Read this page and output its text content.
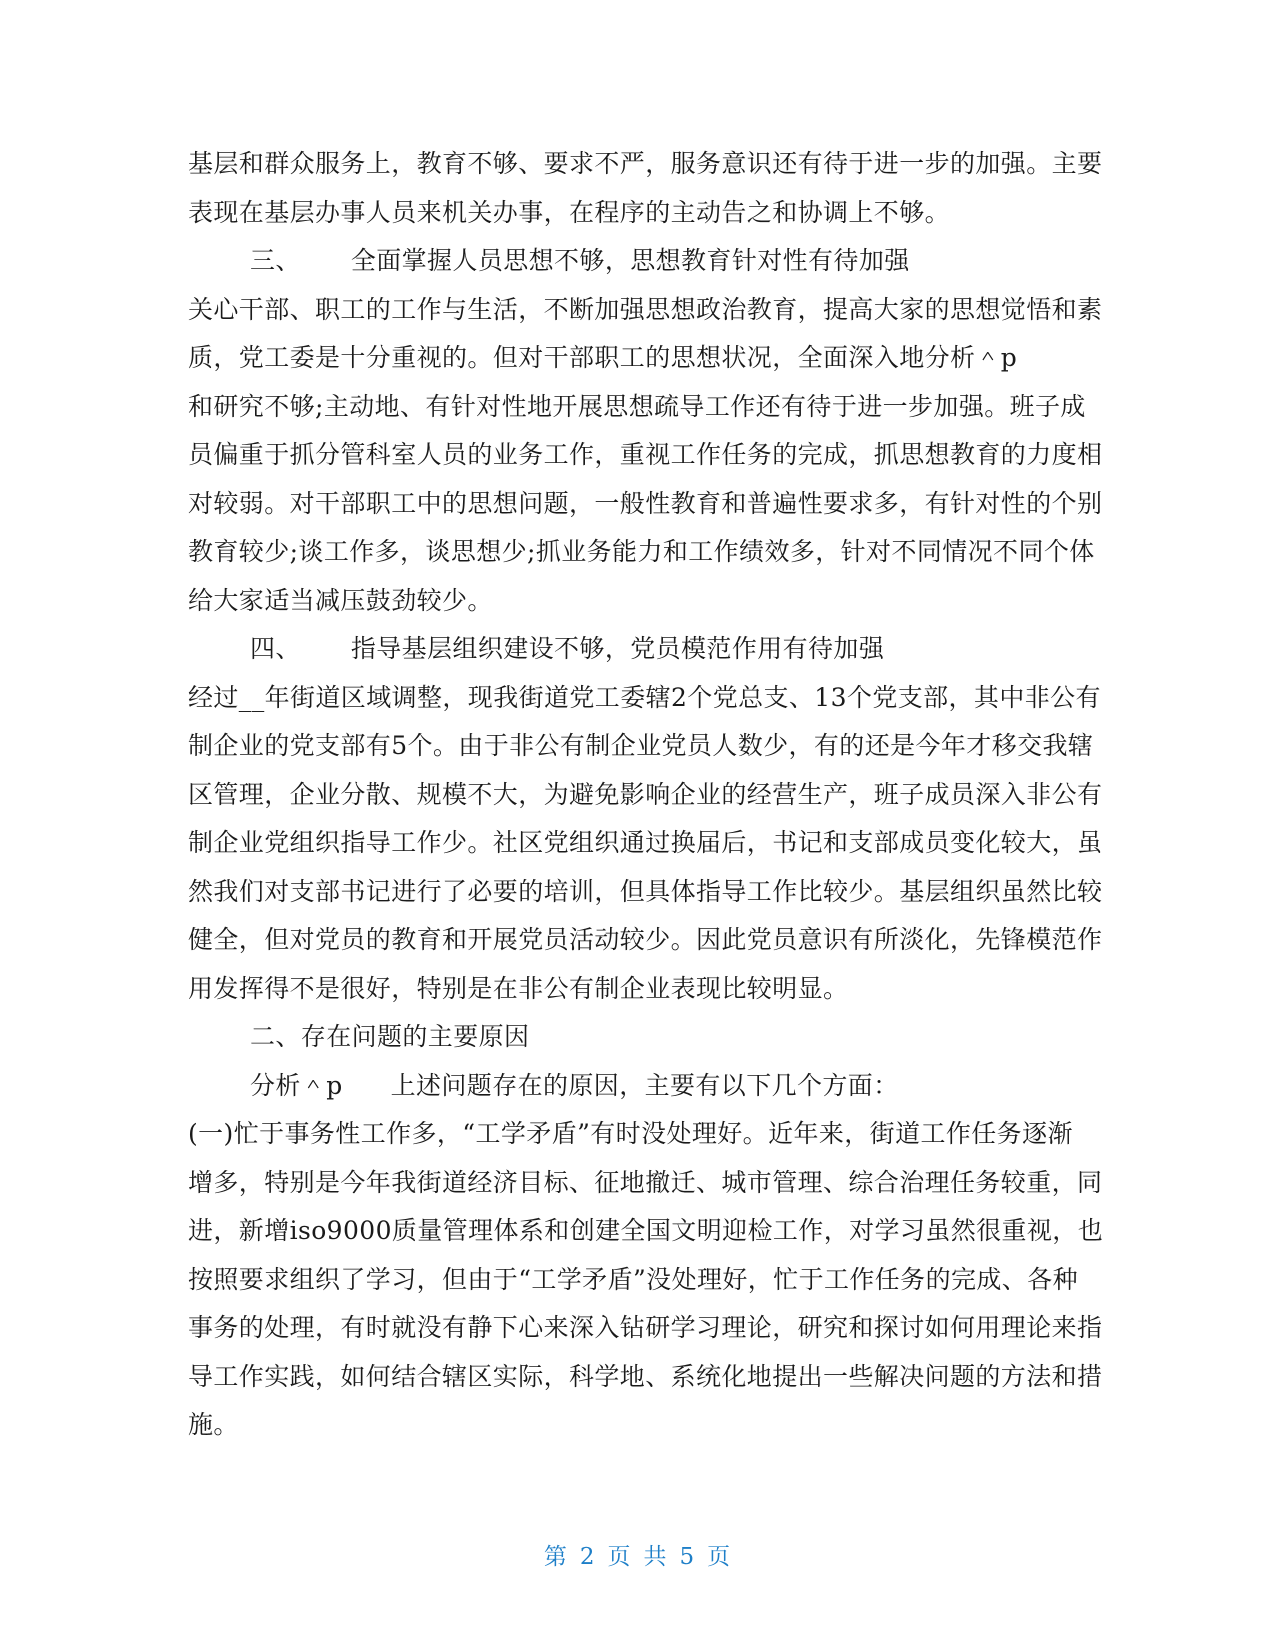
基层和群众服务上，教育不够、要求不严，服务意识还有待于进一步的加强。主要
表现在基层办事人员来机关办事，在程序的主动告之和协调上不够。
三、 全面掌握人员思想不够，思想教育针对性有待加强
关心干部、职工的工作与生活，不断加强思想政治教育，提高大家的思想觉悟和素
质，党工委是十分重视的。但对干部职工的思想状况，全面深入地分析＾p
和研究不够;主动地、有针对性地开展思想疏导工作还有待于进一步加强。班子成
员偏重于抓分管科室人员的业务工作，重视工作任务的完成，抓思想教育的力度相
对较弱。对干部职工中的思想问题，一般性教育和普遍性要求多，有针对性的个别
教育较少;谈工作多，谈思想少;抓业务能力和工作绩效多，针对不同情况不同个体
给大家适当减压鼓劲较少。
四、 指导基层组织建设不够，党员模范作用有待加强
经过__年街道区域调整，现我街道党工委辖2个党总支、13个党支部，其中非公有
制企业的党支部有5个。由于非公有制企业党员人数少，有的还是今年才移交我辖
区管理，企业分散、规模不大，为避免影响企业的经营生产，班子成员深入非公有
制企业党组织指导工作少。社区党组织通过换届后，书记和支部成员变化较大，虽
然我们对支部书记进行了必要的培训，但具体指导工作比较少。基层组织虽然比较
健全，但对党员的教育和开展党员活动较少。因此党员意识有所淡化，先锋模范作
用发挥得不是很好，特别是在非公有制企业表现比较明显。
二、存在问题的主要原因
分析＾p 上述问题存在的原因，主要有以下几个方面：
(一)忙于事务性工作多，“工学矛盾”有时没处理好。近年来，街道工作任务逐渐
增多，特别是今年我街道经济目标、征地撤迁、城市管理、综合治理任务较重，同
进，新增iso9000质量管理体系和创建全国文明迎检工作，对学习虽然很重视，也
按照要求组织了学习，但由于“工学矛盾”没处理好，忙于工作任务的完成、各种
事务的处理，有时就没有静下心来深入钻研学习理论，研究和探讨如何用理论来指
导工作实践，如何结合辖区实际，科学地、系统化地提出一些解决问题的方法和措
施。
第 2 页 共 5 页
